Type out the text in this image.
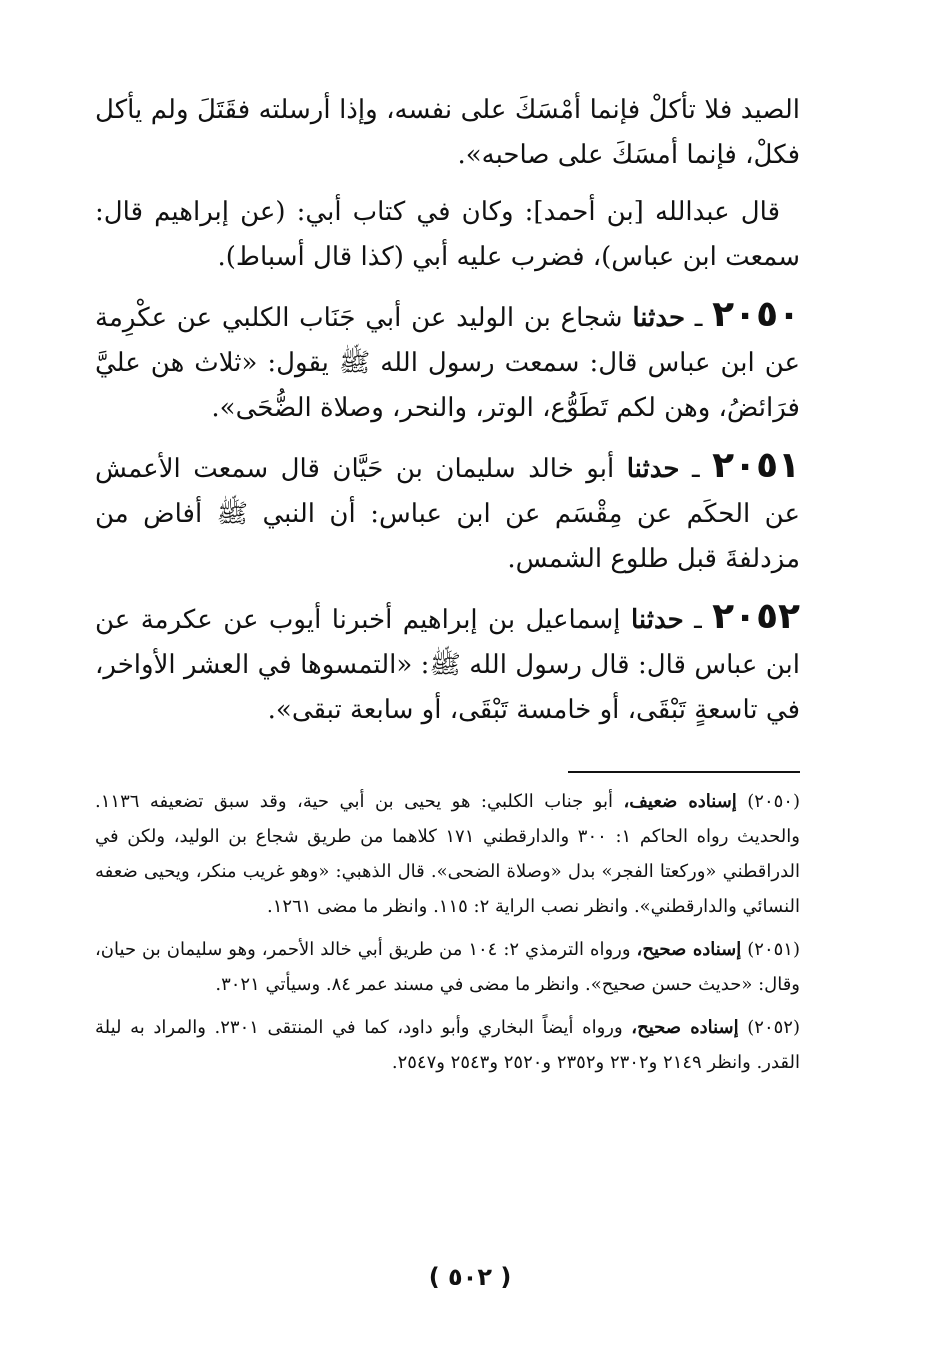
الصيد فلا تأكلْ فإنما أمْسَكَ على نفسه، وإذا أرسلته فقَتَلَ ولم يأكل فكلْ، فإنما أمسَكَ على صاحبه».

قال عبدالله [بن أحمد]: وكان في كتاب أبي: (عن إبراهيم قال: سمعت ابن عباس)، فضرب عليه أبي (كذا قال أسباط).

٢٠٥٠ ـ حدثنا شجاع بن الوليد عن أبي جَنَاب الكلبي عن عكْرِمة عن ابن عباس قال: سمعت رسول الله ﷺ يقول: «ثلاث هن عليَّ فرَائضُ، وهن لكم تَطَوُّع، الوتر، والنحر، وصلاة الضُّحَى».

٢٠٥١ ـ حدثنا أبو خالد سليمان بن حَيَّان قال سمعت الأعمش عن الحكَم عن مِقْسَم عن ابن عباس: أن النبي ﷺ أفاض من مزدلفةَ قبل طلوع الشمس.

٢٠٥٢ ـ حدثنا إسماعيل بن إبراهيم أخبرنا أيوب عن عكرمة عن ابن عباس قال: قال رسول الله ﷺ: «التمسوها في العشر الأواخر، في تاسعةٍ تَبْقَى، أو خامسة تَبْقَى، أو سابعة تبقى».

(٢٠٥٠) إسناده ضعيف، أبو جناب الكلبي: هو يحيى بن أبي حية، وقد سبق تضعيفه ١١٣٦. والحديث رواه الحاكم ١: ٣٠٠ والدارقطني ١٧١ كلاهما من طريق شجاع بن الوليد، ولكن في الدراقطني «وركعتا الفجر» بدل «وصلاة الضحى». قال الذهبي: «وهو غريب منكر، ويحيى ضعفه النسائي والدارقطني». وانظر نصب الراية ٢: ١١٥. وانظر ما مضى ١٢٦١.

(٢٠٥١) إسناده صحيح، ورواه الترمذي ٢: ١٠٤ من طريق أبي خالد الأحمر، وهو سليمان بن حيان، وقال: «حديث حسن صحيح». وانظر ما مضى في مسند عمر ٨٤. وسيأتي ٣٠٢١.

(٢٠٥٢) إسناده صحيح، ورواه أيضاً البخاري وأبو داود، كما في المنتقى ٢٣٠١. والمراد به ليلة القدر. وانظر ٢١٤٩ و٢٣٠٢ و٢٣٥٢ و٢٥٢٠ و٢٥٤٣ و٢٥٤٧.

( ٥٠٢ )
